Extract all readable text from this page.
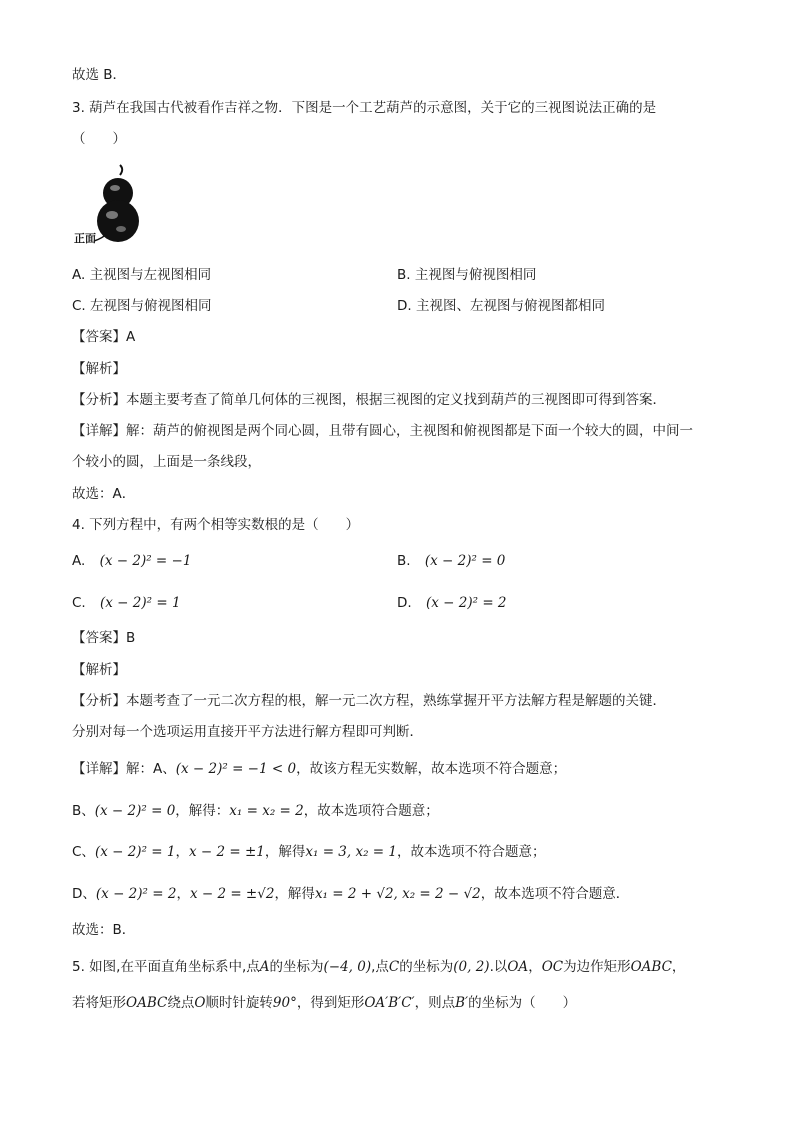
故选 B．
3. 葫芦在我国古代被看作吉祥之物．下图是一个工艺葫芦的示意图，关于它的三视图说法正确的是
（　　）
正面
A. 主视图与左视图相同	B. 主视图与俯视图相同
C. 左视图与俯视图相同	D. 主视图、左视图与俯视图都相同
【答案】A
【解析】
【分析】本题主要考查了简单几何体的三视图，根据三视图的定义找到葫芦的三视图即可得到答案．
【详解】解：葫芦的俯视图是两个同心圆，且带有圆心，主视图和俯视图都是下面一个较大的圆，中间一
个较小的圆，上面是一条线段，
故选：A．
4. 下列方程中，有两个相等实数根的是（　　）
A. (x − 2)² = −1	B. (x − 2)² = 0
C. (x − 2)² = 1	D. (x − 2)² = 2
【答案】B
【解析】
【分析】本题考查了一元二次方程的根，解一元二次方程，熟练掌握开平方法解方程是解题的关键．
分别对每一个选项运用直接开平方法进行解方程即可判断．
【详解】解：A、(x − 2)² = −1 < 0，故该方程无实数解，故本选项不符合题意；
B、(x − 2)² = 0，解得：x₁ = x₂ = 2，故本选项符合题意；
C、(x − 2)² = 1，x − 2 = ±1，解得x₁ = 3, x₂ = 1，故本选项不符合题意；
D、(x − 2)² = 2，x − 2 = ±√2，解得x₁ = 2 + √2, x₂ = 2 − √2，故本选项不符合题意．
故选：B．
5. 如图,在平面直角坐标系中,点A的坐标为(−4, 0),点C的坐标为(0, 2).以OA，OC为边作矩形OABC，
若将矩形OABC绕点O顺时针旋转90°，得到矩形OA′B′C′，则点B′的坐标为（　　）
